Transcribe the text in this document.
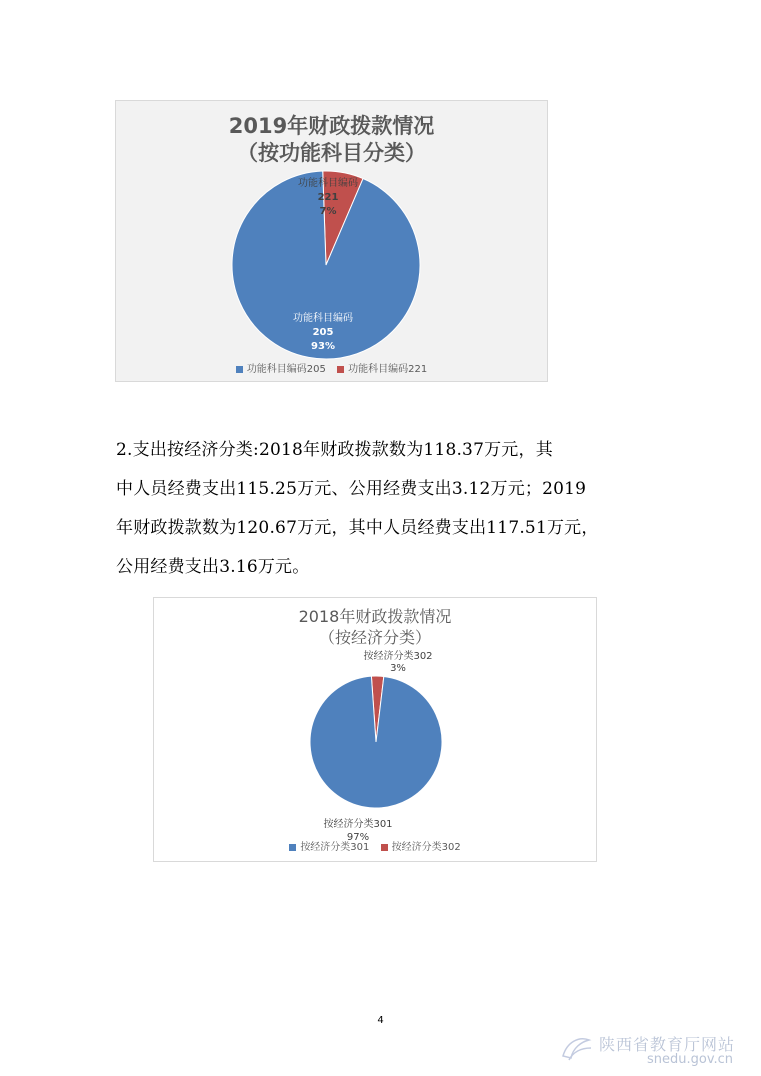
2019年财政拨款情况
（按功能科目分类）
功能科目编码
221
7%
功能科目编码
205
93%
功能科目编码205 功能科目编码221
2.支出按经济分类:2018年财政拨款数为118.37万元，其
中人员经费支出115.25万元、公用经费支出3.12万元；2019
年财政拨款数为120.67万元，其中人员经费支出117.51万元，
公用经费支出3.16万元。
2018年财政拨款情况
（按经济分类）
按经济分类302
3%
按经济分类301
97%
按经济分类301 按经济分类302
4
陕西省教育厅网站
snedu.gov.cn
